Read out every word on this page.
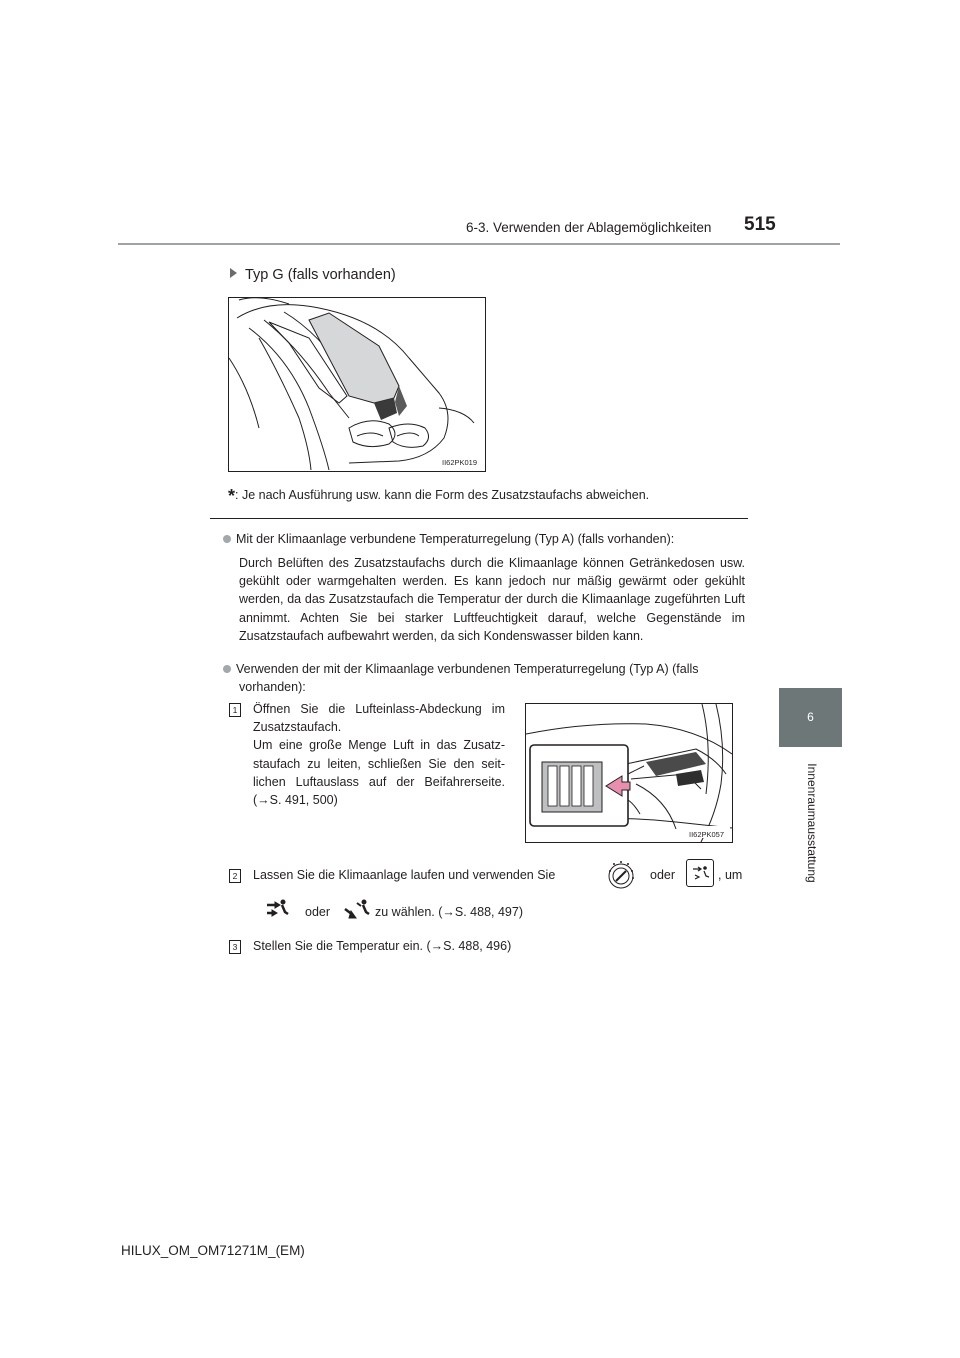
6-3. Verwenden der Ablagemöglichkeiten 515
6
Innenraumausstattung
Typ G (falls vorhanden)
II62PK019
*: Je nach Ausführung usw. kann die Form des Zusatzstaufachs abweichen.
Mit der Klimaanlage verbundene Temperaturregelung (Typ A) (falls vorhanden):
Durch Belüften des Zusatzstaufachs durch die Klimaanlage können Getränkedosen usw. gekühlt oder warmgehalten werden. Es kann jedoch nur mäßig gewärmt oder gekühlt werden, da das Zusatzstaufach die Temperatur der durch die Klimaanlage zugeführten Luft annimmt. Achten Sie bei starker Luftfeuchtigkeit darauf, welche Gegenstände im Zusatzstaufach aufbewahrt werden, da sich Kondenswasser bilden kann.
Verwenden der mit der Klimaanlage verbundenen Temperaturregelung (Typ A) (falls
vorhanden):
1 Öffnen Sie die Lufteinlass-Abdeckung im
Zusatzstaufach.
Um eine große Menge Luft in das Zusatz-
staufach zu leiten, schließen Sie den seit-
lichen Luftauslass auf der Beifahrerseite.
(→S. 491, 500)
II62PK057
2 Lassen Sie die Klimaanlage laufen und verwenden Sie	oder	, um
oder	zu wählen. (→S. 488, 497)
3 Stellen Sie die Temperatur ein. (→S. 488, 496)
HILUX_OM_OM71271M_(EM)
